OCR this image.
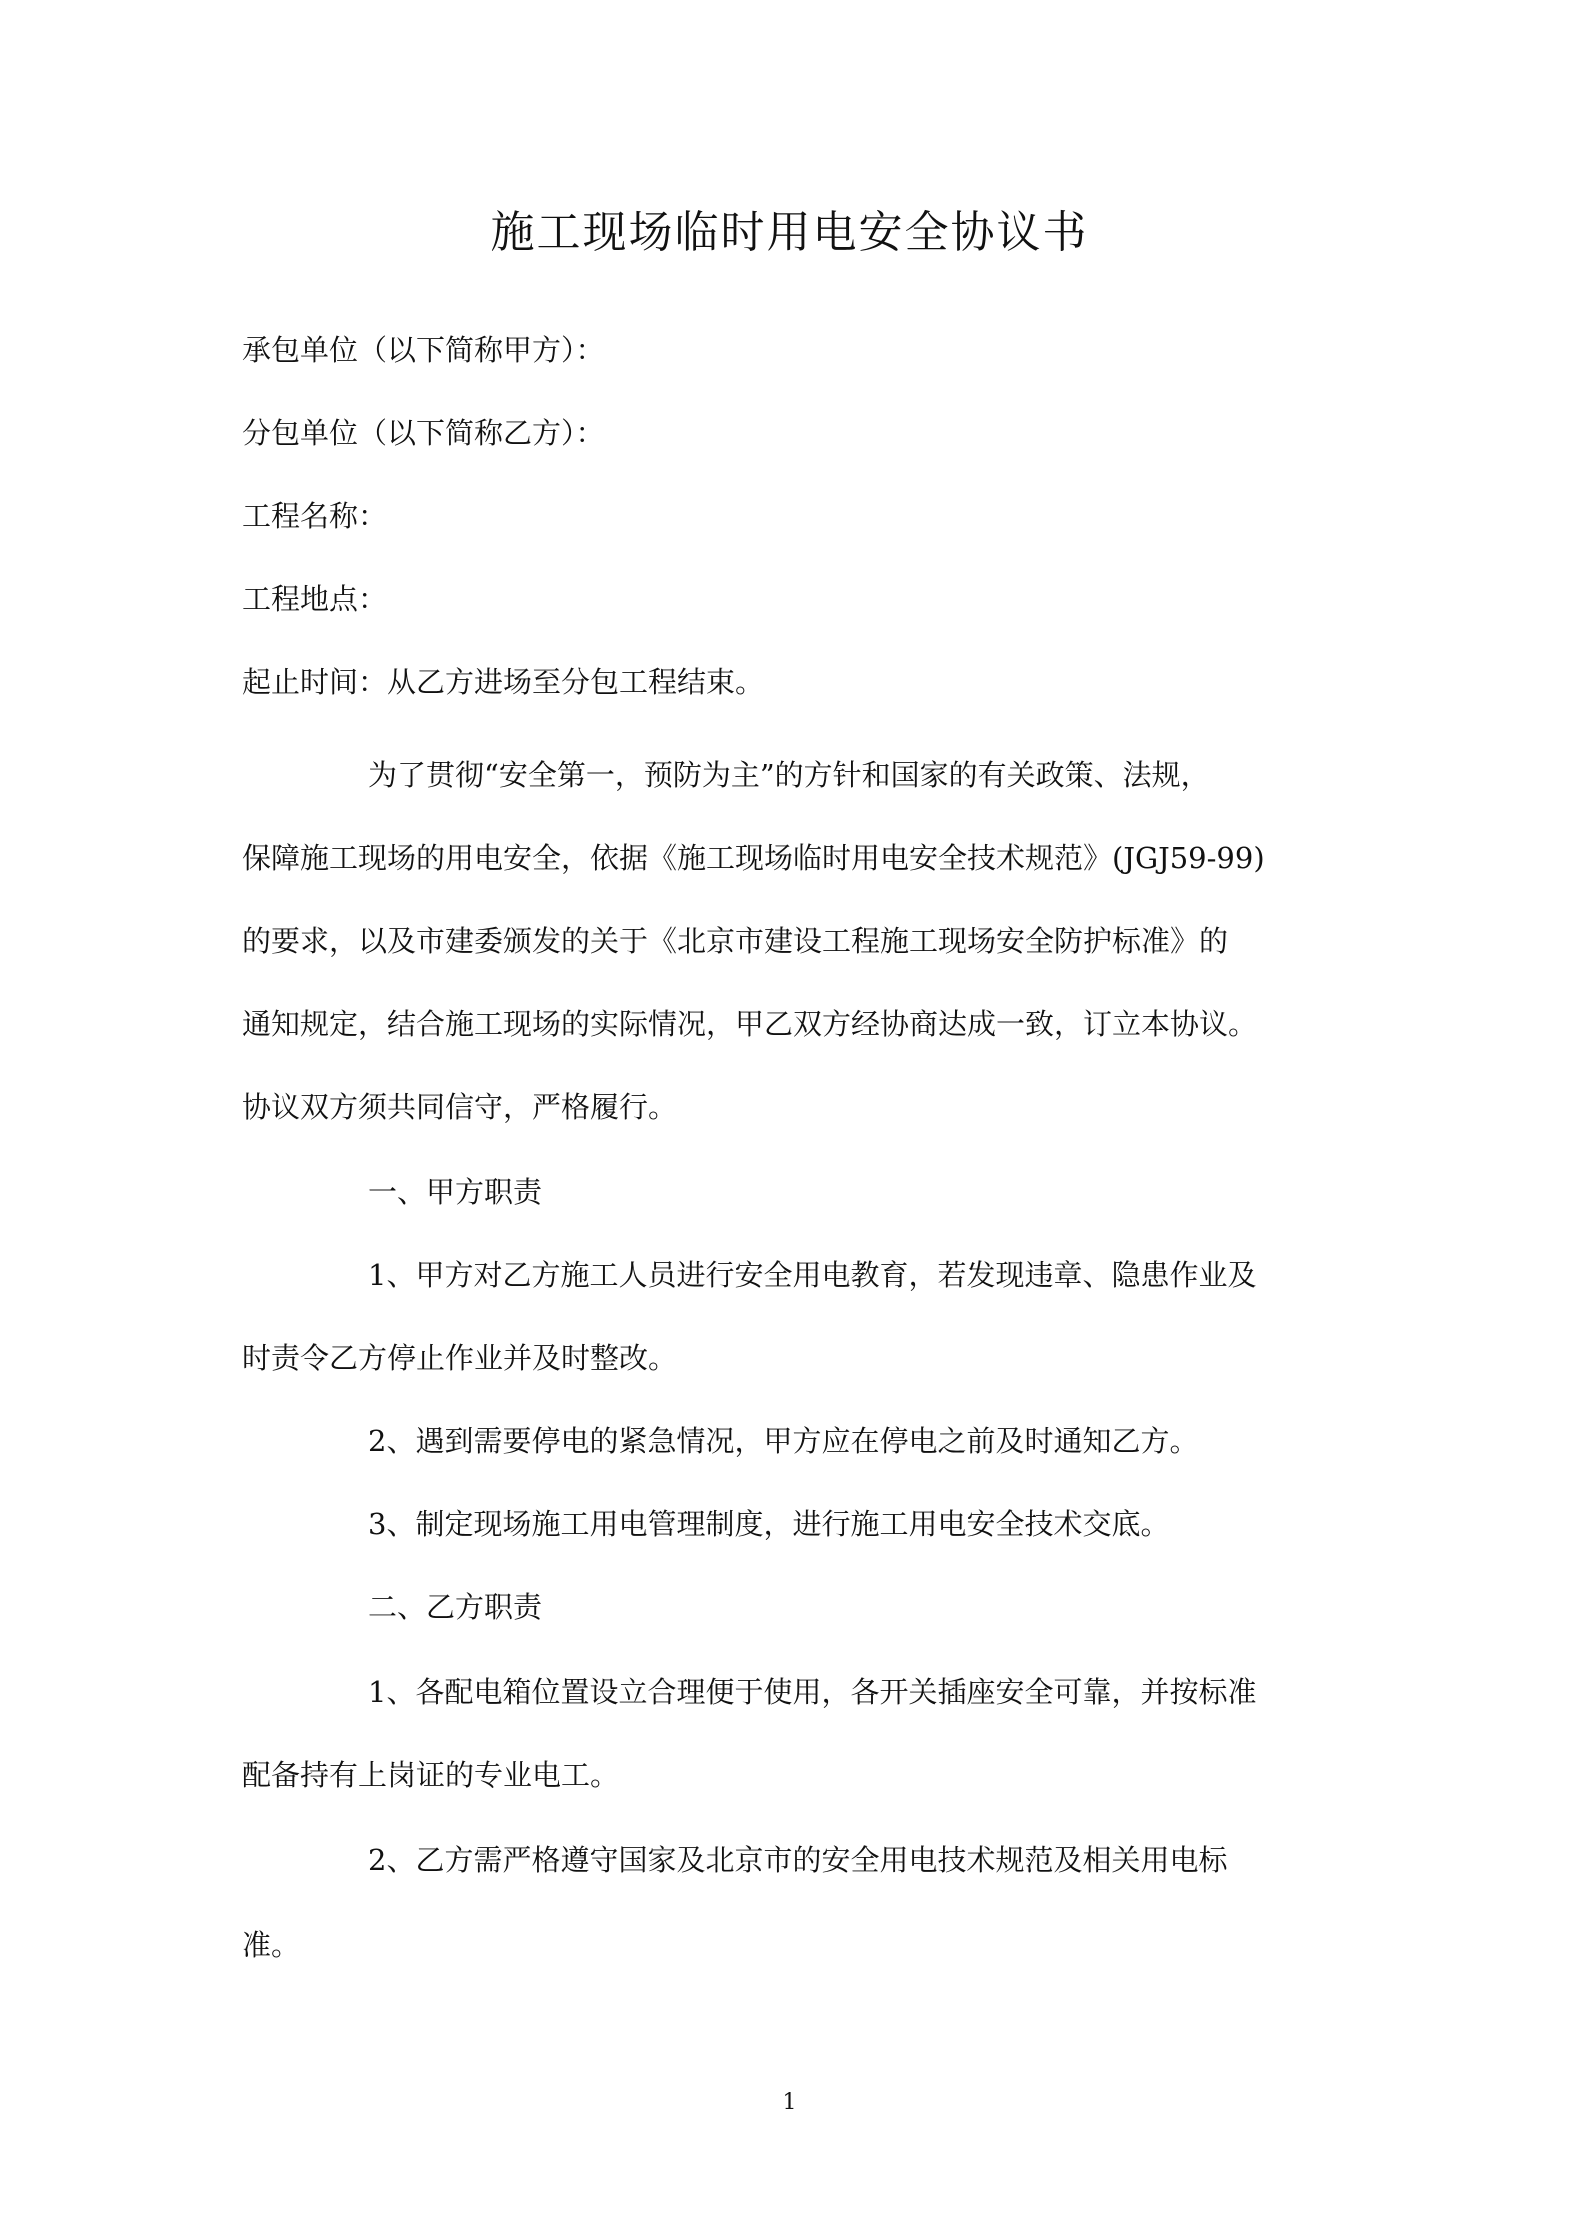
施工现场临时用电安全协议书

承包单位（以下简称甲方）：

分包单位（以下简称乙方）：

工程名称：

工程地点：

起止时间：从乙方进场至分包工程结束。

为了贯彻“安全第一，预防为主”的方针和国家的有关政策、法规，

保障施工现场的用电安全，依据《施工现场临时用电安全技术规范》(JGJ59-99)

的要求，以及市建委颁发的关于《北京市建设工程施工现场安全防护标准》的

通知规定，结合施工现场的实际情况，甲乙双方经协商达成一致，订立本协议。

协议双方须共同信守，严格履行。

一、甲方职责

1、甲方对乙方施工人员进行安全用电教育，若发现违章、隐患作业及

时责令乙方停止作业并及时整改。

2、遇到需要停电的紧急情况，甲方应在停电之前及时通知乙方。

3、制定现场施工用电管理制度，进行施工用电安全技术交底。

二、乙方职责

1、各配电箱位置设立合理便于使用，各开关插座安全可靠，并按标准

配备持有上岗证的专业电工。

2、乙方需严格遵守国家及北京市的安全用电技术规范及相关用电标

准。

1
